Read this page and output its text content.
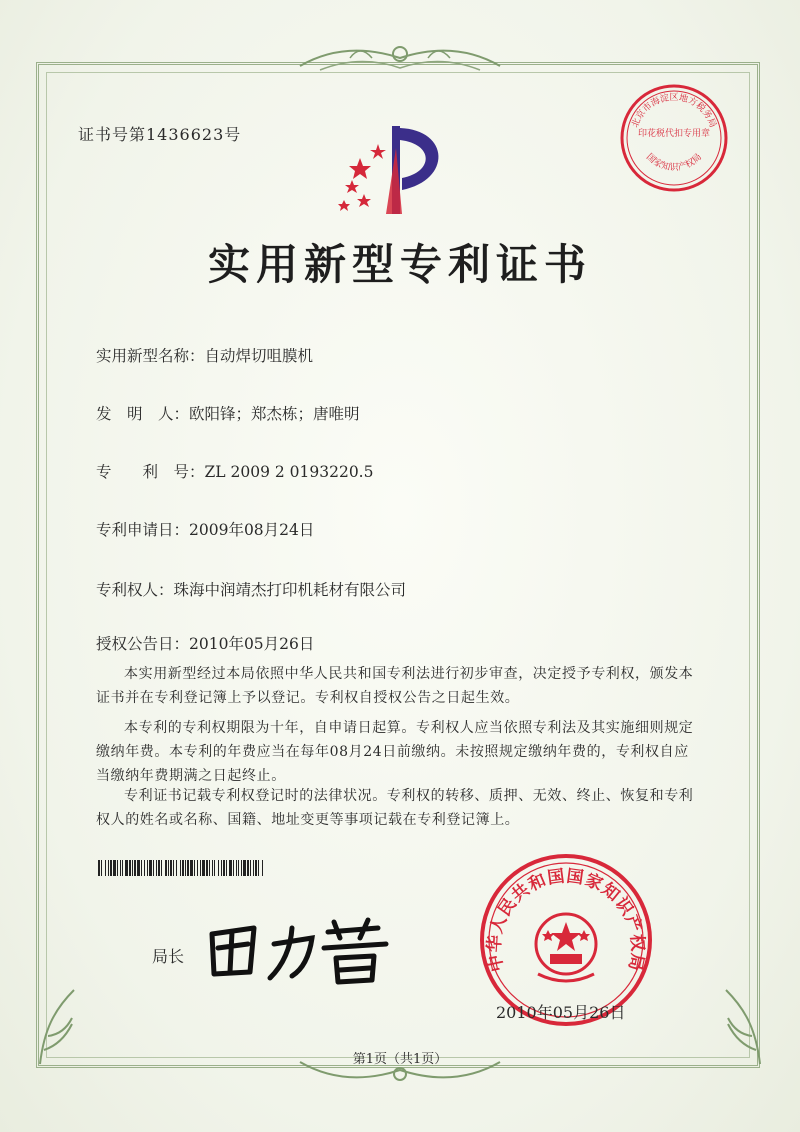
证书号第1436623号
北京市海淀区地方税务局
印花税代扣专用章
国家知识产权局
实用新型专利证书
实用新型名称：自动焊切咀膜机
发　明　人：欧阳锋；郑杰栋；唐唯明
专　　利　号：ZL 2009 2 0193220.5
专利申请日：2009年08月24日
专利权人：珠海中润靖杰打印机耗材有限公司
授权公告日：2010年05月26日
本实用新型经过本局依照中华人民共和国专利法进行初步审查，决定授予专利权，颁发本证书并在专利登记簿上予以登记。专利权自授权公告之日起生效。
本专利的专利权期限为十年，自申请日起算。专利权人应当依照专利法及其实施细则规定缴纳年费。本专利的年费应当在每年08月24日前缴纳。未按照规定缴纳年费的，专利权自应当缴纳年费期满之日起终止。
专利证书记载专利权登记时的法律状况。专利权的转移、质押、无效、终止、恢复和专利权人的姓名或名称、国籍、地址变更等事项记载在专利登记簿上。
局长	中华人民共和国国家知识产权局
2010年05月26日
第1页（共1页）
